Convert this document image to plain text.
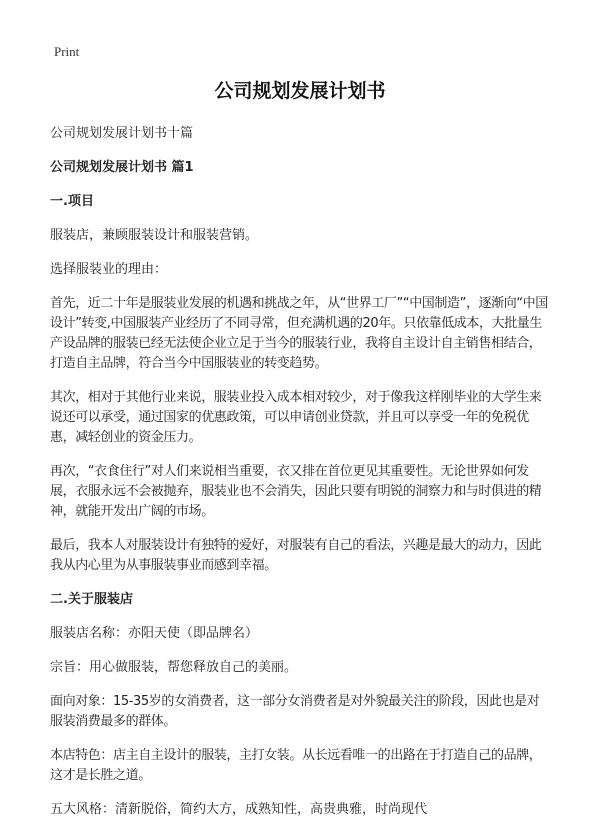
Print
公司规划发展计划书

公司规划发展计划书十篇

公司规划发展计划书 篇1

一.项目

服装店，兼顾服装设计和服装营销。

选择服装业的理由：

首先，近二十年是服装业发展的机遇和挑战之年，从“世界工厂”“中国制造”，逐渐向“中国设计”转变,中国服装产业经历了不同寻常，但充满机遇的20年。只依靠低成本，大批量生产设品牌的服装已经无法使企业立足于当今的服装行业，我将自主设计自主销售相结合，打造自主品牌，符合当今中国服装业的转变趋势。

其次，相对于其他行业来说，服装业投入成本相对较少，对于像我这样刚毕业的大学生来说还可以承受，通过国家的优惠政策，可以申请创业贷款，并且可以享受一年的免税优惠，减轻创业的资金压力。

再次，“衣食住行”对人们来说相当重要，衣又排在首位更见其重要性。无论世界如何发展，衣服永远不会被抛弃，服装业也不会消失，因此只要有明锐的洞察力和与时俱进的精神，就能开发出广阔的市场。

最后，我本人对服装设计有独特的爱好，对服装有自己的看法，兴趣是最大的动力，因此我从内心里为从事服装事业而感到幸福。

二.关于服装店

服装店名称：亦阳天使（即品牌名）

宗旨：用心做服装，帮您释放自己的美丽。

面向对象：15-35岁的女消费者，这一部分女消费者是对外貌最关注的阶段，因此也是对服装消费最多的群体。

本店特色：店主自主设计的服装，主打女装。从长远看唯一的出路在于打造自己的品牌，这才是长胜之道。

五大风格：清新脱俗，简约大方，成熟知性，高贵典雅，时尚现代
